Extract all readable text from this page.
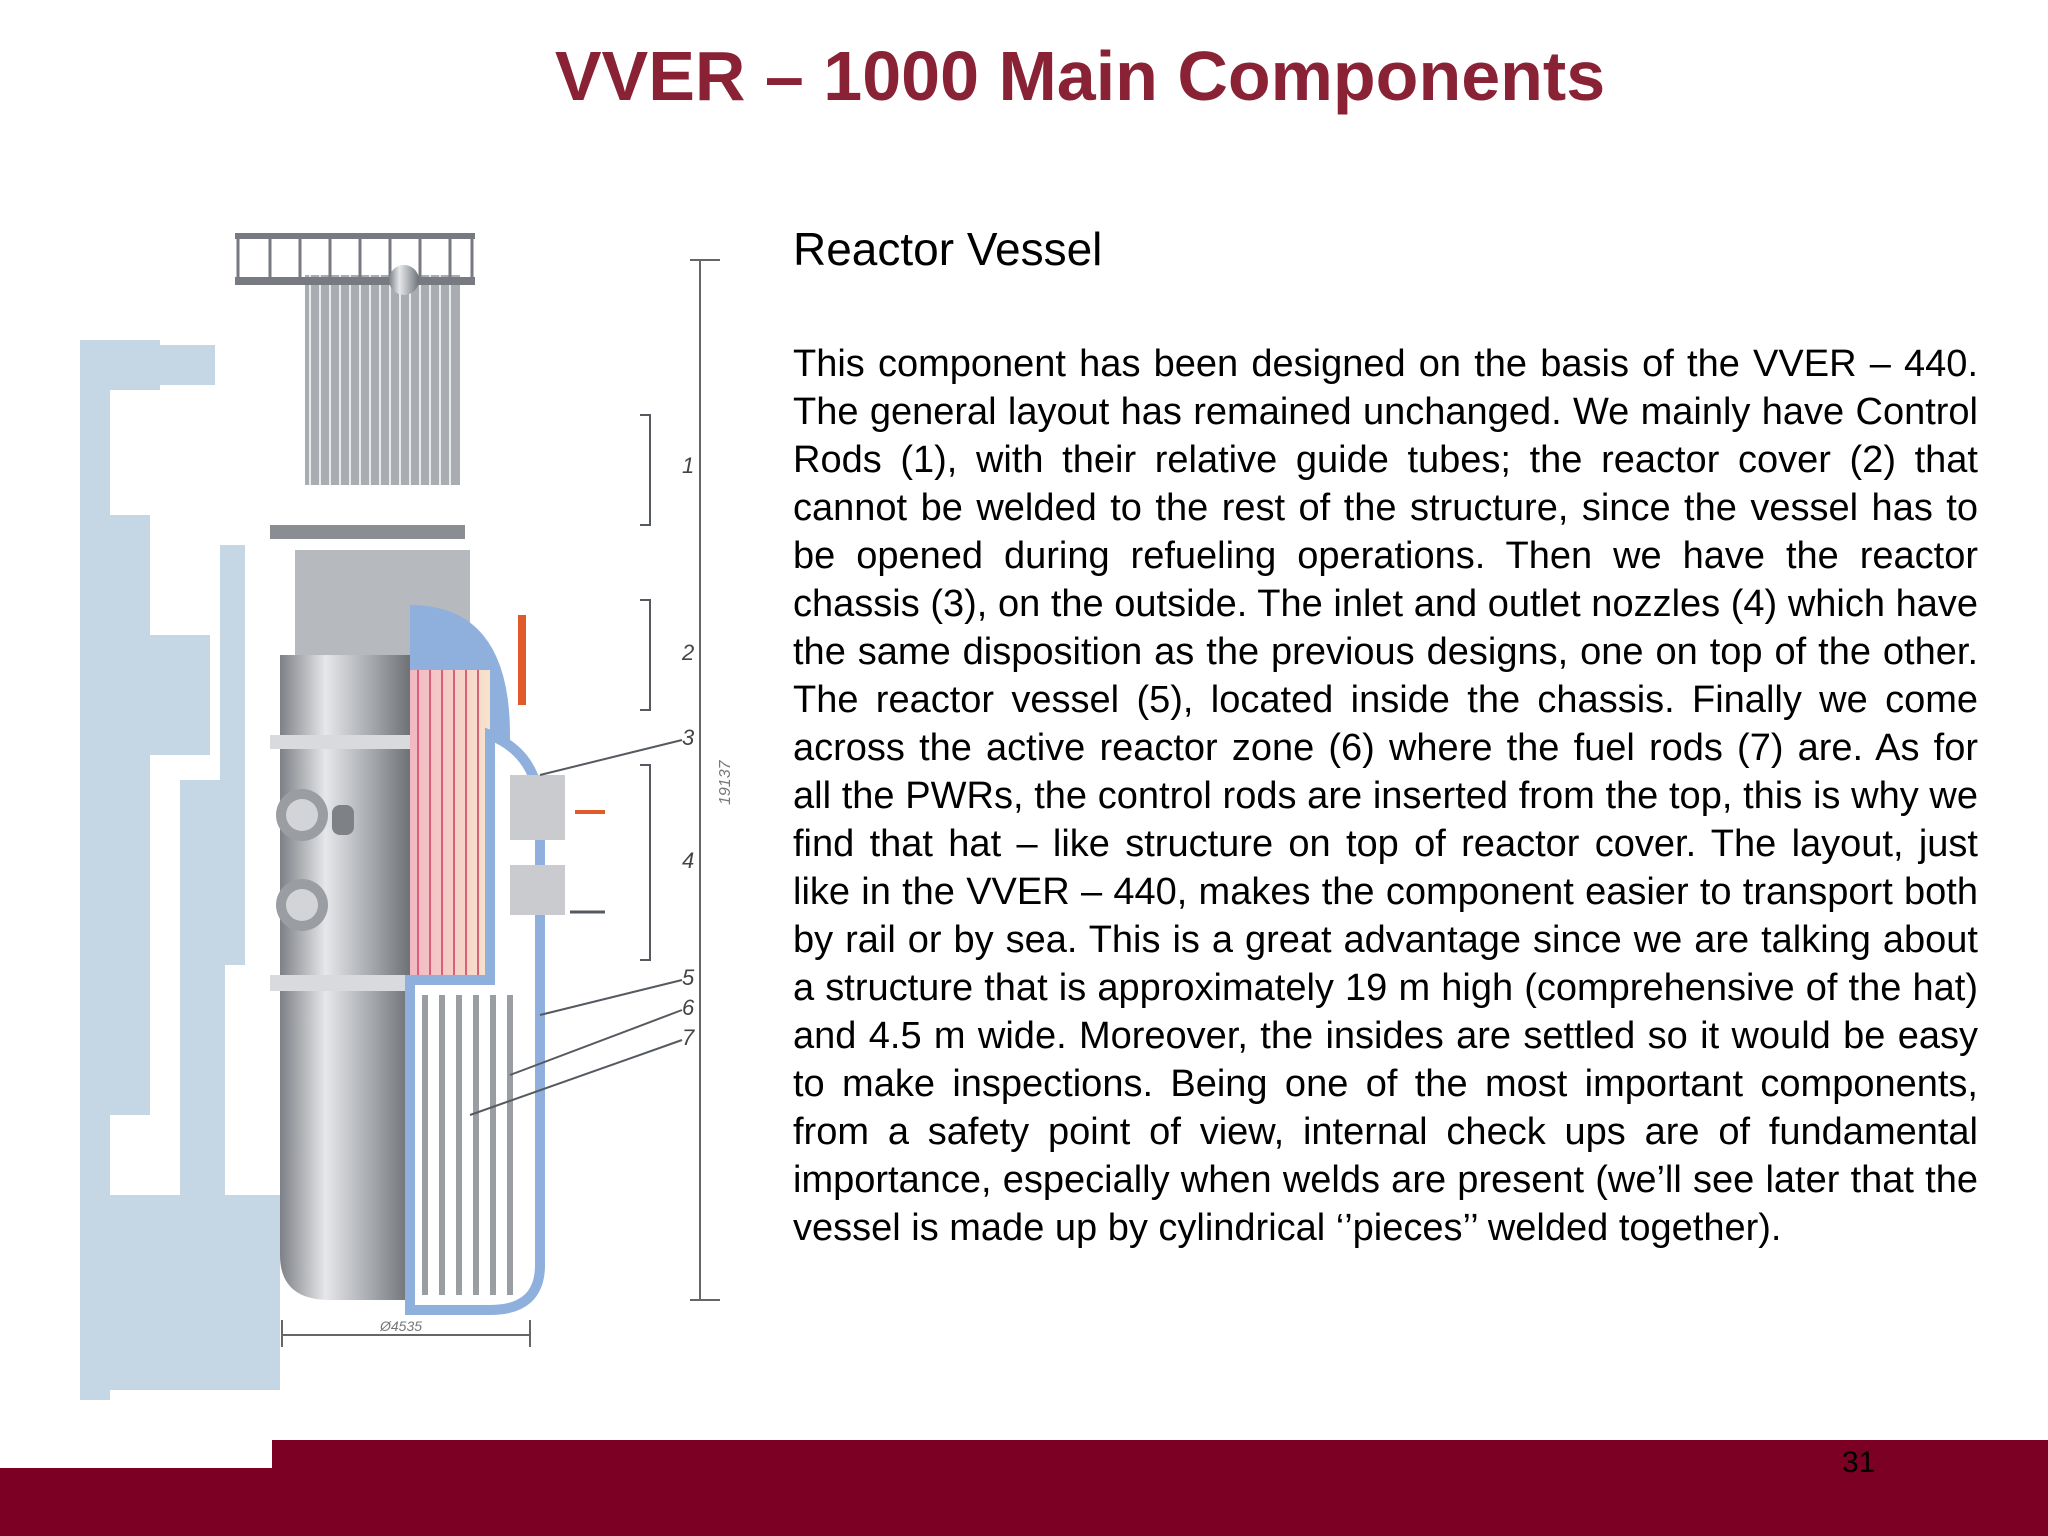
VVER – 1000 Main Components
1
2
3
4
5
6
7
19137
Ø4535
Reactor Vessel

This component has been designed on the basis of the VVER – 440. The general layout has remained unchanged. We mainly have Control Rods (1), with their relative guide tubes; the reactor cover (2) that cannot be welded to the rest of the structure, since the vessel has to be opened during refueling operations. Then we have the reactor chassis (3), on the outside. The inlet and outlet nozzles (4) which have the same disposition as the previous designs, one on top of the other. The reactor vessel (5), located inside the chassis. Finally we come across the active reactor zone (6) where the fuel rods (7) are. As for all the PWRs, the control rods are inserted from the top, this is why we find that hat – like structure on top of reactor cover. The layout, just like in the VVER – 440, makes the component easier to transport both by rail or by sea. This is a great advantage since we are talking about a structure that is approximately 19 m high (comprehensive of the hat) and 4.5 m wide. Moreover, the insides are settled so it would be easy to make inspections. Being one of the most important components, from a safety point of view, internal check ups are of fundamental importance, especially when welds are present (we’ll see later that the vessel is made up by cylindrical ‘’pieces’’ welded together).

31
